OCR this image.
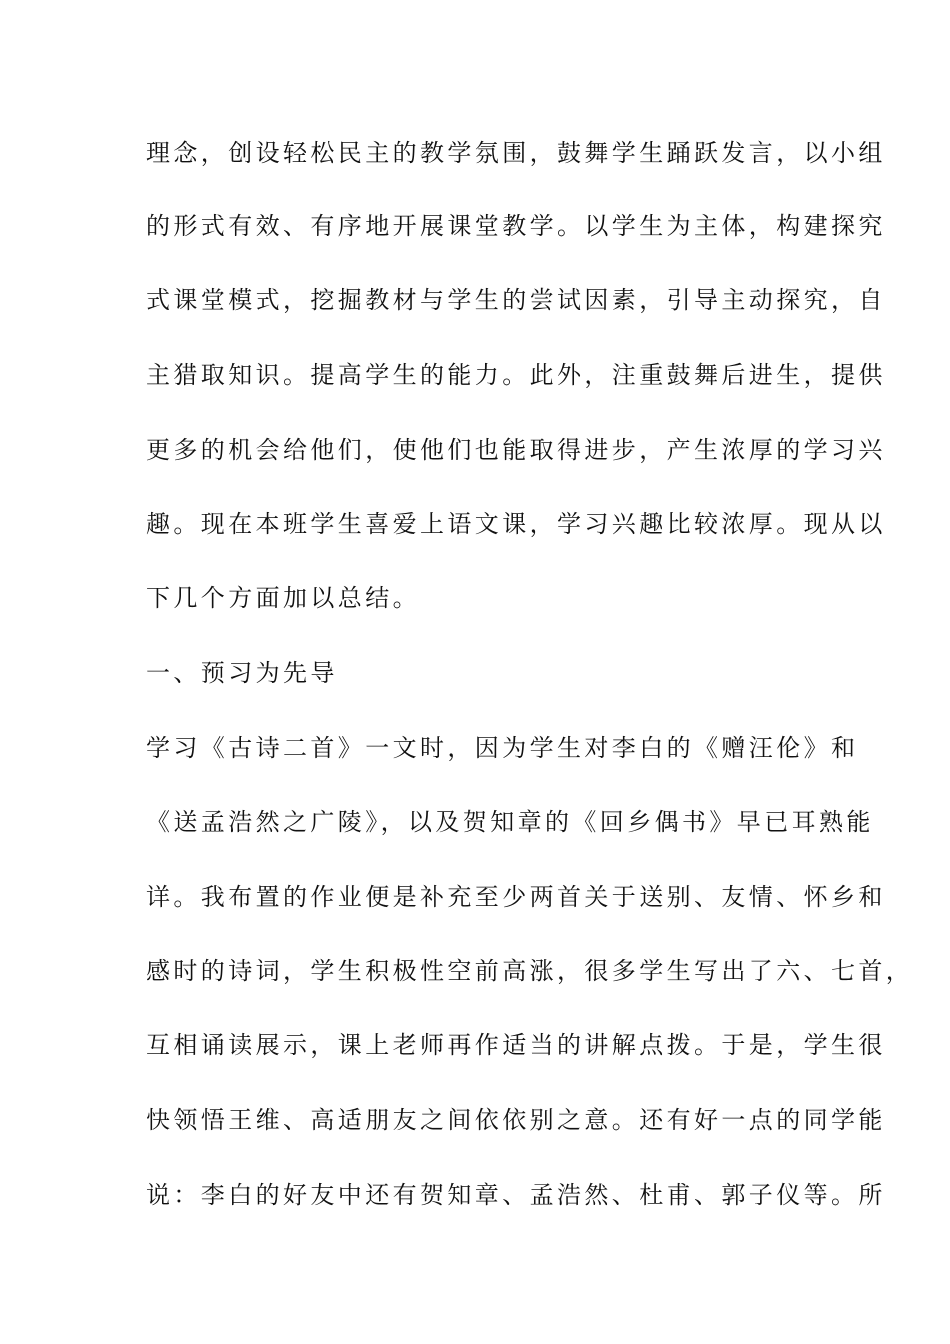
理念，创设轻松民主的教学氛围，鼓舞学生踊跃发言，以小组
的形式有效、有序地开展课堂教学。以学生为主体，构建探究
式课堂模式，挖掘教材与学生的尝试因素，引导主动探究，自
主猎取知识。提高学生的能力。此外，注重鼓舞后进生，提供
更多的机会给他们，使他们也能取得进步，产生浓厚的学习兴
趣。现在本班学生喜爱上语文课，学习兴趣比较浓厚。现从以
下几个方面加以总结。
一、预习为先导
学习《古诗二首》一文时，因为学生对李白的《赠汪伦》和
《送孟浩然之广陵》，以及贺知章的《回乡偶书》早已耳熟能
详。我布置的作业便是补充至少两首关于送别、友情、怀乡和
感时的诗词，学生积极性空前高涨，很多学生写出了六、七首，
互相诵读展示，课上老师再作适当的讲解点拨。于是，学生很
快领悟王维、高适朋友之间依依别之意。还有好一点的同学能
说：李白的好友中还有贺知章、孟浩然、杜甫、郭子仪等。所
